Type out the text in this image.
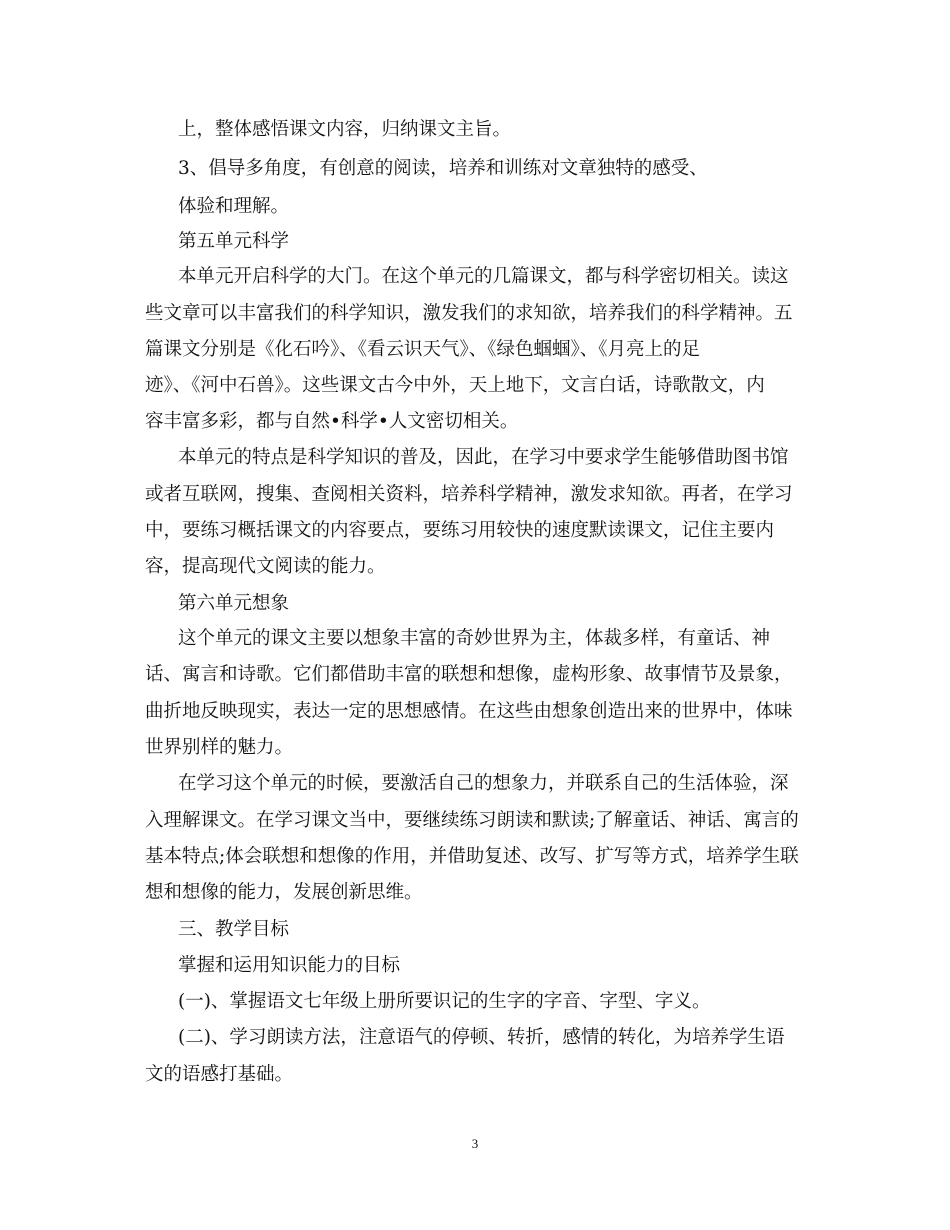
上，整体感悟课文内容，归纳课文主旨。
3、倡导多角度，有创意的阅读，培养和训练对文章独特的感受、
体验和理解。
第五单元科学
本单元开启科学的大门。在这个单元的几篇课文，都与科学密切相关。读这
些文章可以丰富我们的科学知识，激发我们的求知欲，培养我们的科学精神。五
篇课文分别是《化石吟》、《看云识天气》、《绿色蝈蝈》、《月亮上的足
迹》、《河中石兽》。这些课文古今中外，天上地下，文言白话，诗歌散文，内
容丰富多彩，都与自然•科学•人文密切相关。
本单元的特点是科学知识的普及，因此，在学习中要求学生能够借助图书馆
或者互联网，搜集、查阅相关资料，培养科学精神，激发求知欲。再者，在学习
中，要练习概括课文的内容要点，要练习用较快的速度默读课文，记住主要内
容，提高现代文阅读的能力。
第六单元想象
这个单元的课文主要以想象丰富的奇妙世界为主，体裁多样，有童话、神
话、寓言和诗歌。它们都借助丰富的联想和想像，虚构形象、故事情节及景象，
曲折地反映现实，表达一定的思想感情。在这些由想象创造出来的世界中，体味
世界别样的魅力。
在学习这个单元的时候，要激活自己的想象力，并联系自己的生活体验，深
入理解课文。在学习课文当中，要继续练习朗读和默读;了解童话、神话、寓言的
基本特点;体会联想和想像的作用，并借助复述、改写、扩写等方式，培养学生联
想和想像的能力，发展创新思维。
三、教学目标
掌握和运用知识能力的目标
(一)、掌握语文七年级上册所要识记的生字的字音、字型、字义。
(二)、学习朗读方法，注意语气的停顿、转折，感情的转化，为培养学生语
文的语感打基础。
3
